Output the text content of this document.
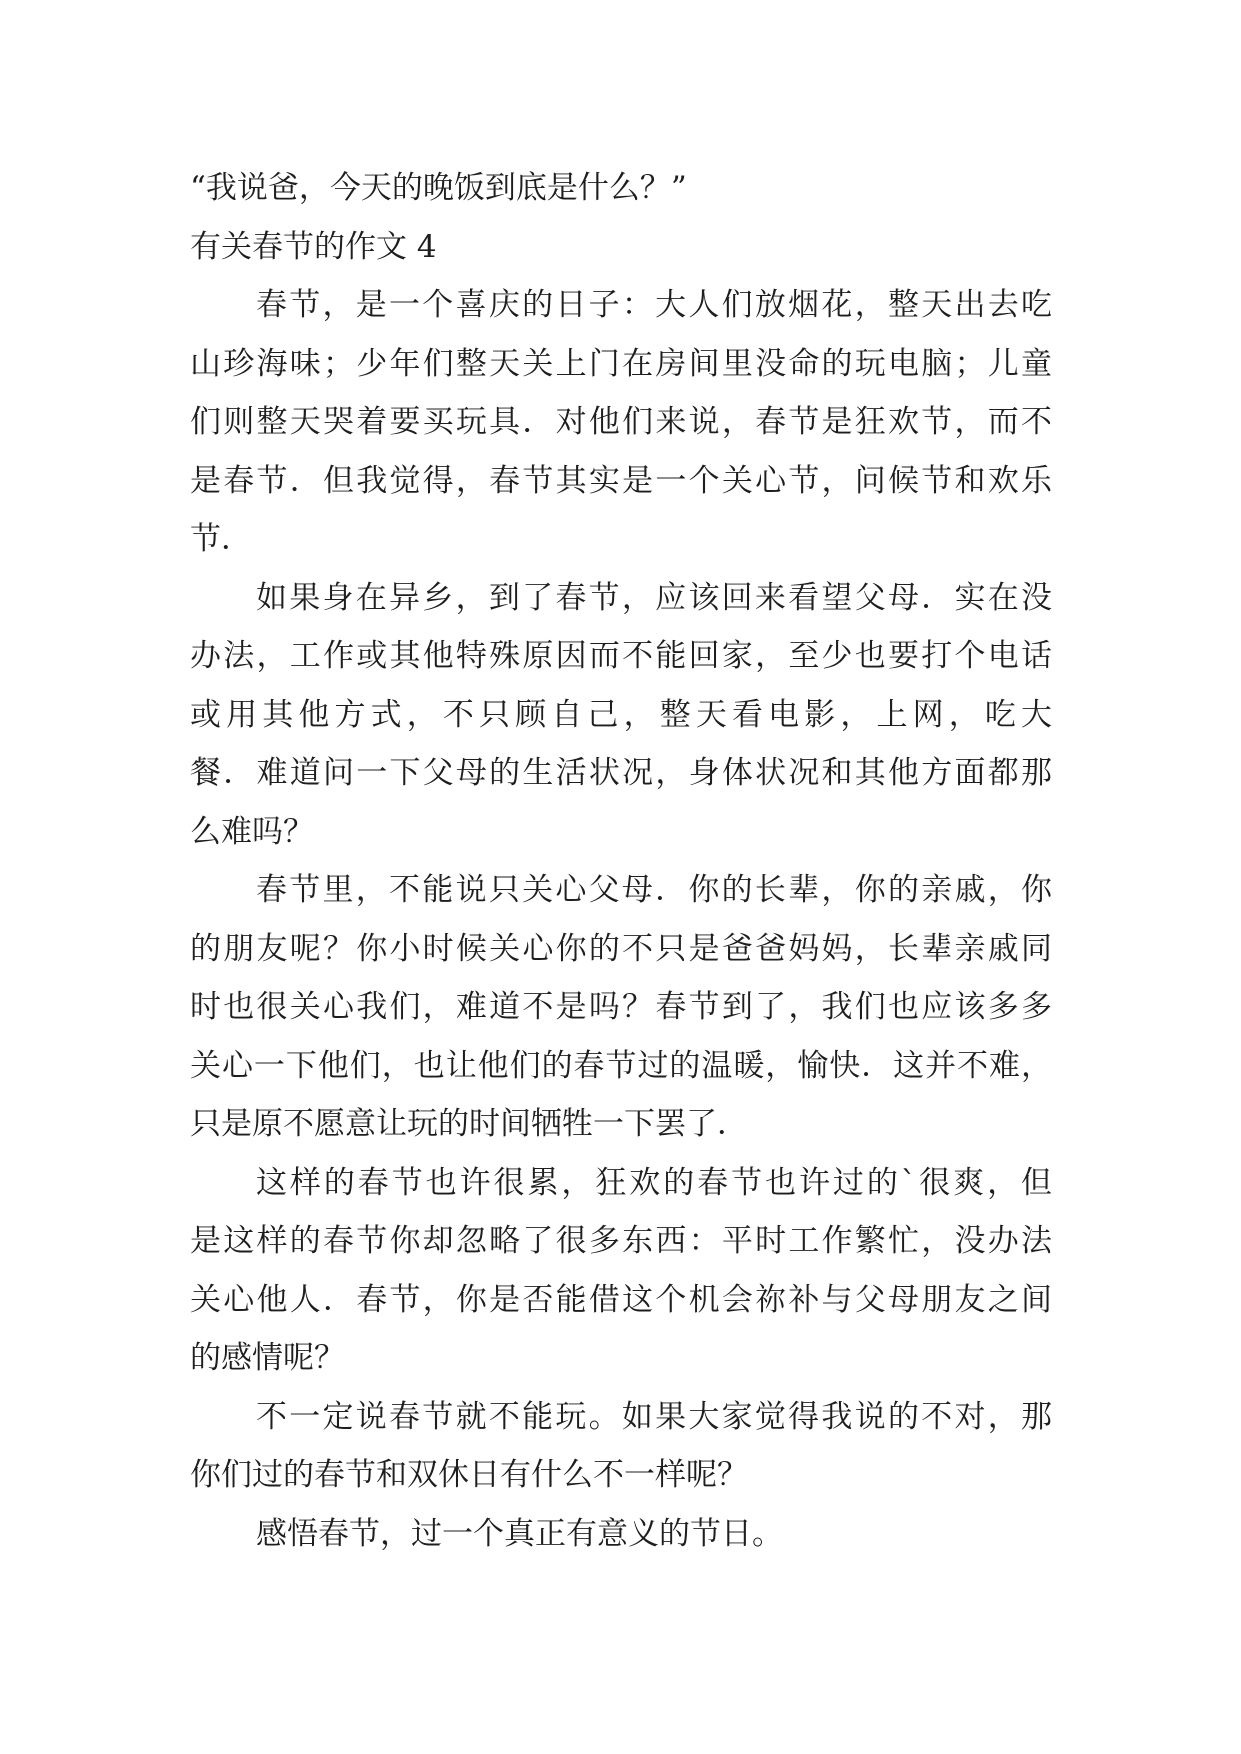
“我说爸，今天的晚饭到底是什么？”
有关春节的作文 4
春节，是一个喜庆的日子：大人们放烟花，整天出去吃
山珍海味；少年们整天关上门在房间里没命的玩电脑；儿童
们则整天哭着要买玩具．对他们来说，春节是狂欢节，而不
是春节．但我觉得，春节其实是一个关心节，问候节和欢乐
节．
如果身在异乡，到了春节，应该回来看望父母．实在没
办法，工作或其他特殊原因而不能回家，至少也要打个电话
或用其他方式，不只顾自己，整天看电影，上网，吃大
餐．难道问一下父母的生活状况，身体状况和其他方面都那
么难吗？
春节里，不能说只关心父母．你的长辈，你的亲戚，你
的朋友呢？你小时候关心你的不只是爸爸妈妈，长辈亲戚同
时也很关心我们，难道不是吗？春节到了，我们也应该多多
关心一下他们，也让他们的春节过的温暖，愉快．这并不难，
只是原不愿意让玩的时间牺牲一下罢了．
这样的春节也许很累，狂欢的春节也许过的`很爽，但
是这样的春节你却忽略了很多东西：平时工作繁忙，没办法
关心他人．春节，你是否能借这个机会祢补与父母朋友之间
的感情呢？
不一定说春节就不能玩。如果大家觉得我说的不对，那
你们过的春节和双休日有什么不一样呢？
感悟春节，过一个真正有意义的节日。
